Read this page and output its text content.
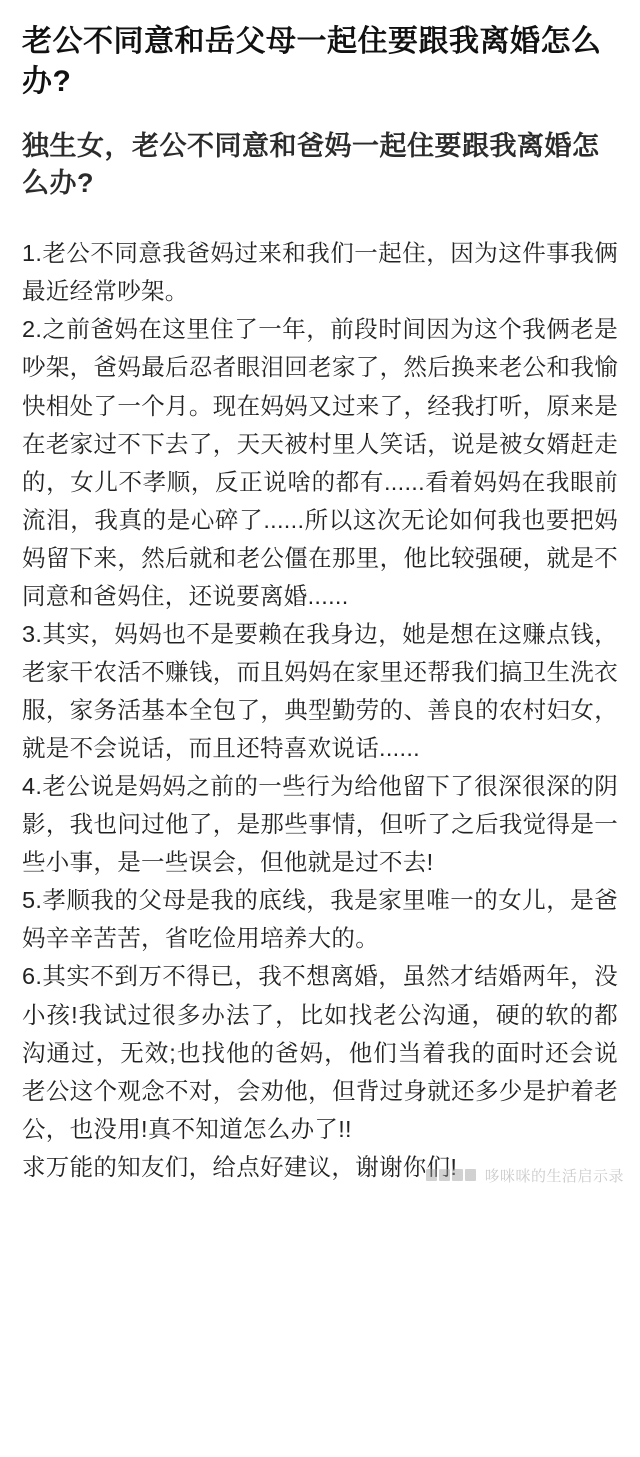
老公不同意和岳父母一起住要跟我离婚怎么办?
独生女，老公不同意和爸妈一起住要跟我离婚怎么办?

1.老公不同意我爸妈过来和我们一起住，因为这件事我俩最近经常吵架。

2.之前爸妈在这里住了一年，前段时间因为这个我俩老是吵架，爸妈最后忍者眼泪回老家了，然后换来老公和我愉快相处了一个月。现在妈妈又过来了，经我打听，原来是在老家过不下去了，天天被村里人笑话，说是被女婿赶走的，女儿不孝顺，反正说啥的都有......看着妈妈在我眼前流泪，我真的是心碎了......所以这次无论如何我也要把妈妈留下来，然后就和老公僵在那里，他比较强硬，就是不同意和爸妈住，还说要离婚......

3.其实，妈妈也不是要赖在我身边，她是想在这赚点钱，老家干农活不赚钱，而且妈妈在家里还帮我们搞卫生洗衣服，家务活基本全包了，典型勤劳的、善良的农村妇女，就是不会说话，而且还特喜欢说话......

4.老公说是妈妈之前的一些行为给他留下了很深很深的阴影，我也问过他了，是那些事情，但听了之后我觉得是一些小事，是一些误会，但他就是过不去!

5.孝顺我的父母是我的底线，我是家里唯一的女儿，是爸妈辛辛苦苦，省吃俭用培养大的。

6.其实不到万不得已，我不想离婚，虽然才结婚两年，没小孩!我试过很多办法了，比如找老公沟通，硬的软的都沟通过，无效;也找他的爸妈，他们当着我的面时还会说老公这个观念不对，会劝他，但背过身就还多少是护着老公，也没用!真不知道怎么办了!!

求万能的知友们，给点好建议，谢谢你们!	哆咪咪的生活启示录
